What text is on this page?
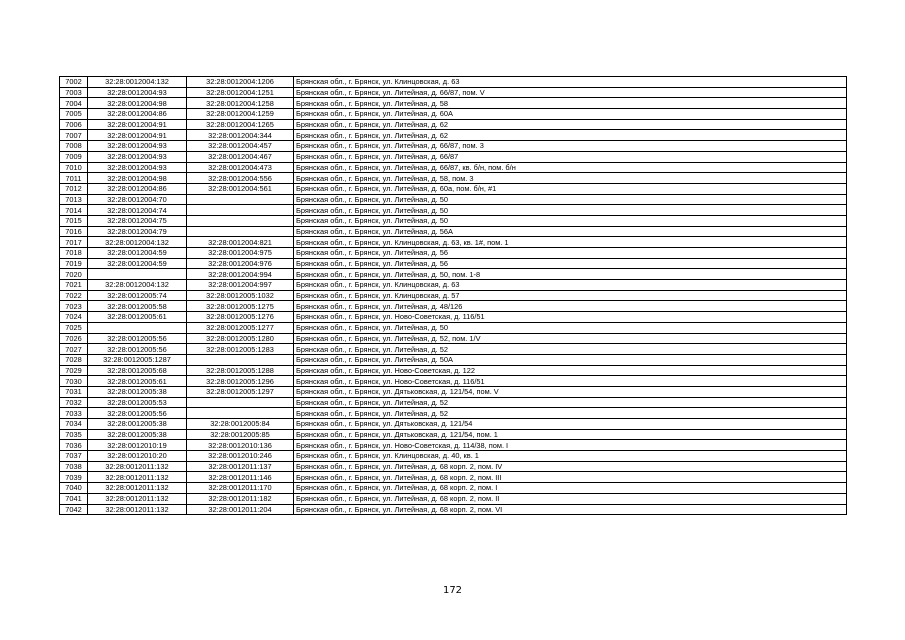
7002	32:28:0012004:132	32:28:0012004:1206	Брянская обл., г. Брянск, ул. Клинцовская, д. 63
7003	32:28:0012004:93	32:28:0012004:1251	Брянская обл., г. Брянск, ул. Литейная, д. 66/87, пом. V
7004	32:28:0012004:98	32:28:0012004:1258	Брянская обл., г. Брянск, ул. Литейная, д. 58
7005	32:28:0012004:86	32:28:0012004:1259	Брянская обл., г. Брянск, ул. Литейная, д. 60А
7006	32:28:0012004:91	32:28:0012004:1265	Брянская обл., г. Брянск, ул. Литейная, д. 62
7007	32:28:0012004:91	32:28:0012004:344	Брянская обл., г. Брянск, ул. Литейная, д. 62
7008	32:28:0012004:93	32:28:0012004:457	Брянская обл., г. Брянск, ул. Литейная, д. 66/87, пом. 3
7009	32:28:0012004:93	32:28:0012004:467	Брянская обл., г. Брянск, ул. Литейная, д. 66/87
7010	32:28:0012004:93	32:28:0012004:473	Брянская обл., г. Брянск, ул. Литейная, д. 66/87, кв. б/н, пом. б/н
7011	32:28:0012004:98	32:28:0012004:556	Брянская обл., г. Брянск, ул. Литейная, д. 58, пом. 3
7012	32:28:0012004:86	32:28:0012004:561	Брянская обл., г. Брянск, ул. Литейная, д. 60а, пом. б/н, #1
7013	32:28:0012004:70		Брянская обл., г. Брянск, ул. Литейная, д. 50
7014	32:28:0012004:74		Брянская обл., г. Брянск, ул. Литейная, д. 50
7015	32:28:0012004:75		Брянская обл., г. Брянск, ул. Литейная, д. 50
7016	32:28:0012004:79		Брянская обл., г. Брянск, ул. Литейная, д. 56А
7017	32:28:0012004:132	32:28:0012004:821	Брянская обл., г. Брянск, ул. Клинцовская, д. 63, кв. 1#, пом. 1
7018	32:28:0012004:59	32:28:0012004:975	Брянская обл., г. Брянск, ул. Литейная, д. 56
7019	32:28:0012004:59	32:28:0012004:976	Брянская обл., г. Брянск, ул. Литейная, д. 56
7020		32:28:0012004:994	Брянская обл., г. Брянск, ул. Литейная, д. 50, пом. 1-8
7021	32:28:0012004:132	32:28:0012004:997	Брянская обл., г. Брянск, ул. Клинцовская, д. 63
7022	32:28:0012005:74	32:28:0012005:1032	Брянская обл., г. Брянск, ул. Клинцовская, д. 57
7023	32:28:0012005:58	32:28:0012005:1275	Брянская обл., г. Брянск, ул. Литейная, д. 48/126
7024	32:28:0012005:61	32:28:0012005:1276	Брянская обл., г. Брянск, ул. Ново-Советская, д. 116/51
7025		32:28:0012005:1277	Брянская обл., г. Брянск, ул. Литейная, д. 50
7026	32:28:0012005:56	32:28:0012005:1280	Брянская обл., г. Брянск, ул. Литейная, д. 52, пом. 1/V
7027	32:28:0012005:56	32:28:0012005:1283	Брянская обл., г. Брянск, ул. Литейная, д. 52
7028	32:28:0012005:1287		Брянская обл., г. Брянск, ул. Литейная, д. 50А
7029	32:28:0012005:68	32:28:0012005:1288	Брянская обл., г. Брянск, ул. Ново-Советская, д. 122
7030	32:28:0012005:61	32:28:0012005:1296	Брянская обл., г. Брянск, ул. Ново-Советская, д. 116/51
7031	32:28:0012005:38	32:28:0012005:1297	Брянская обл., г. Брянск, ул. Дятьковская, д. 121/54, пом. V
7032	32:28:0012005:53		Брянская обл., г. Брянск, ул. Литейная, д. 52
7033	32:28:0012005:56		Брянская обл., г. Брянск, ул. Литейная, д. 52
7034	32:28:0012005:38	32:28:0012005:84	Брянская обл., г. Брянск, ул. Дятьковская, д. 121/54
7035	32:28:0012005:38	32:28:0012005:85	Брянская обл., г. Брянск, ул. Дятьковская, д. 121/54, пом. 1
7036	32:28:0012010:19	32:28:0012010:136	Брянская обл., г. Брянск, ул. Ново-Советская, д. 114/38, пом. I
7037	32:28:0012010:20	32:28:0012010:246	Брянская обл., г. Брянск, ул. Клинцовская, д. 40, кв. 1
7038	32:28:0012011:132	32:28:0012011:137	Брянская обл., г. Брянск, ул. Литейная, д. 68 корп. 2, пом. IV
7039	32:28:0012011:132	32:28:0012011:146	Брянская обл., г. Брянск, ул. Литейная, д. 68 корп. 2, пом. III
7040	32:28:0012011:132	32:28:0012011:170	Брянская обл., г. Брянск, ул. Литейная, д. 68 корп. 2, пом. I
7041	32:28:0012011:132	32:28:0012011:182	Брянская обл., г. Брянск, ул. Литейная, д. 68 корп. 2, пом. II
7042	32:28:0012011:132	32:28:0012011:204	Брянская обл., г. Брянск, ул. Литейная, д. 68 корп. 2, пом. VI
172
